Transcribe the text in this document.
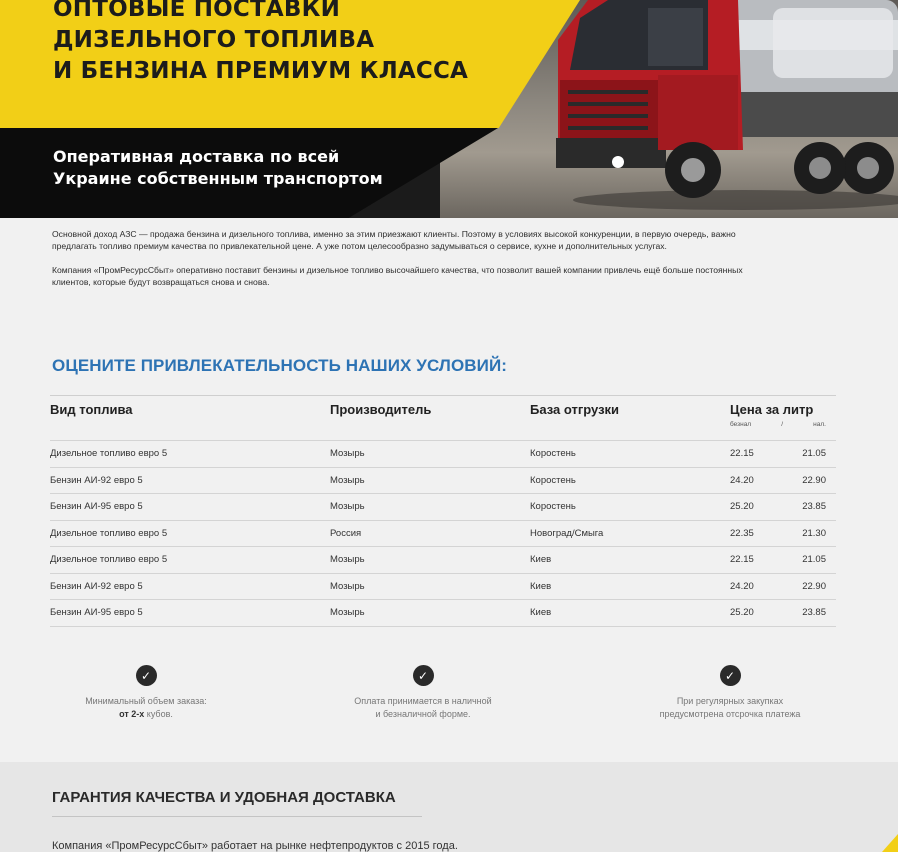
ОПТОВЫЕ ПОСТАВКИ
ДИЗЕЛЬНОГО ТОПЛИВА
И БЕНЗИНА ПРЕМИУМ КЛАССА

Оперативная доставка по всей
Украине собственным транспортом

Основной доход АЗС — продажа бензина и дизельного топлива, именно за этим приезжают клиенты. Поэтому в условиях высокой конкуренции, в первую очередь, важно предлагать топливо премиум качества по привлекательной цене. А уже потом целесообразно задумываться о сервисе, кухне и дополнительных услугах.

Компания «ПромРесурсСбыт» оперативно поставит бензины и дизельное топливо высочайшего качества, что позволит вашей компании привлечь ещё больше постоянных клиентов, которые будут возвращаться снова и снова.

ОЦЕНИТЕ ПРИВЛЕКАТЕЛЬНОСТЬ НАШИХ УСЛОВИЙ:
Вид топлива	Производитель	База отгрузки	Цена за литр
безнал / нал.

Дизельное топливо евро 5	Мозырь	Коростень	22.15 21.05

Бензин АИ-92 евро 5	Мозырь	Коростень	24.20 22.90

Бензин АИ-95 евро 5	Мозырь	Коростень	25.20 23.85

Дизельное топливо евро 5	Россия	Новоград/Смыга	22.35 21.30

Дизельное топливо евро 5	Мозырь	Киев	22.15 21.05

Бензин АИ-92 евро 5	Мозырь	Киев	24.20 22.90

Бензин АИ-95 евро 5	Мозырь	Киев	25.20 23.85
✓
Минимальный объем заказа:
от 2-х кубов.
✓
Оплата принимается в наличной
и безналичной форме.
✓
При регулярных закупках
предусмотрена отсрочка платежа
ГАРАНТИЯ КАЧЕСТВА И УДОБНАЯ ДОСТАВКА

Компания «ПромРесурсСбыт» работает на рынке нефтепродуктов с 2015 года.
